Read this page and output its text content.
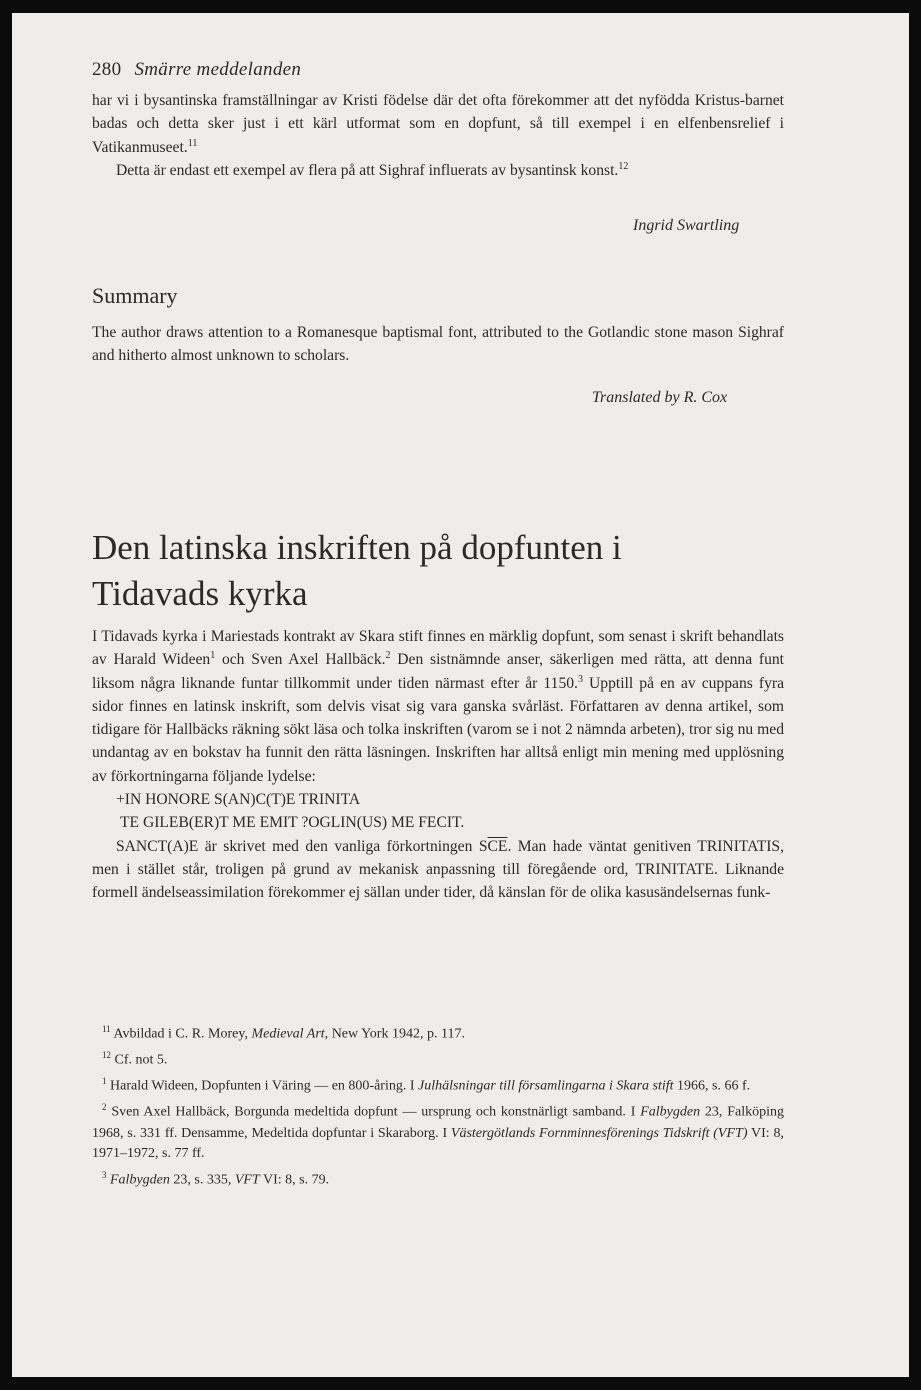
280 Smärre meddelanden

har vi i bysantinska framställningar av Kristi födelse där det ofta förekommer att det nyfödda Kristus-barnet badas och detta sker just i ett kärl utformat som en dopfunt, så till exempel i en elfenbensrelief i Vatikanmuseet.$^{11}$

Detta är endast ett exempel av flera på att Sighraf influerats av bysantinsk konst.$^{12}$

Ingrid Swartling
Summary

The author draws attention to a Romanesque baptismal font, attributed to the Gotlandic stone mason Sighraf and hitherto almost unknown to scholars.

Translated by R. Cox
Den latinska inskriften på dopfunten i
Tidavads kyrka

I Tidavads kyrka i Mariestads kontrakt av Skara stift finnes en märklig dopfunt, som senast i skrift behandlats av Harald Wideen$^1$ och Sven Axel Hallbäck.$^2$ Den sistnämnde anser, säkerligen med rätta, att denna funt liksom några liknande funtar tillkommit under tiden närmast efter år 1150.$^3$ Upptill på en av cuppans fyra sidor finnes en latinsk inskrift, som delvis visat sig vara ganska svårläst. Författaren av denna artikel, som tidigare för Hallbäcks räkning sökt läsa och tolka inskriften (varom se i not 2 nämnda arbeten), tror sig nu med undantag av en bokstav ha funnit den rätta läsningen. Inskriften har alltså enligt min mening med upplösning av förkortningarna följande lydelse:

+IN HONORE S(AN)C(T)E TRINITA

TE GILEB(ER)T ME EMIT ?OGLIN(US) ME FECIT.

SANCT(A)E är skrivet med den vanliga förkortningen $S\overline{CE}$. Man hade väntat genitiven TRINITATIS, men i stället står, troligen på grund av mekanisk anpassning till föregående ord, TRINITATE. Liknande formell ändelseassimilation förekommer ej sällan under tider, då känslan för de olika kasusändelsernas funk-

$^{11}$ Avbildad i C. R. Morey, Medieval Art, New York 1942, p. 117.

$^{12}$ Cf. not 5.

$^1$ Harald Wideen, Dopfunten i Väring — en 800-åring. I Julhälsningar till församlingarna i Skara stift 1966, s. 66 f.

$^2$ Sven Axel Hallbäck, Borgunda medeltida dopfunt — ursprung och konstnärligt samband. I Falbygden 23, Falköping 1968, s. 331 ff. Densamme, Medeltida dopfuntar i Skaraborg. I Västergötlands Fornminnesförenings Tidskrift (VFT) VI: 8, 1971–1972, s. 77 ff.

$^3$ Falbygden 23, s. 335, VFT VI: 8, s. 79.
